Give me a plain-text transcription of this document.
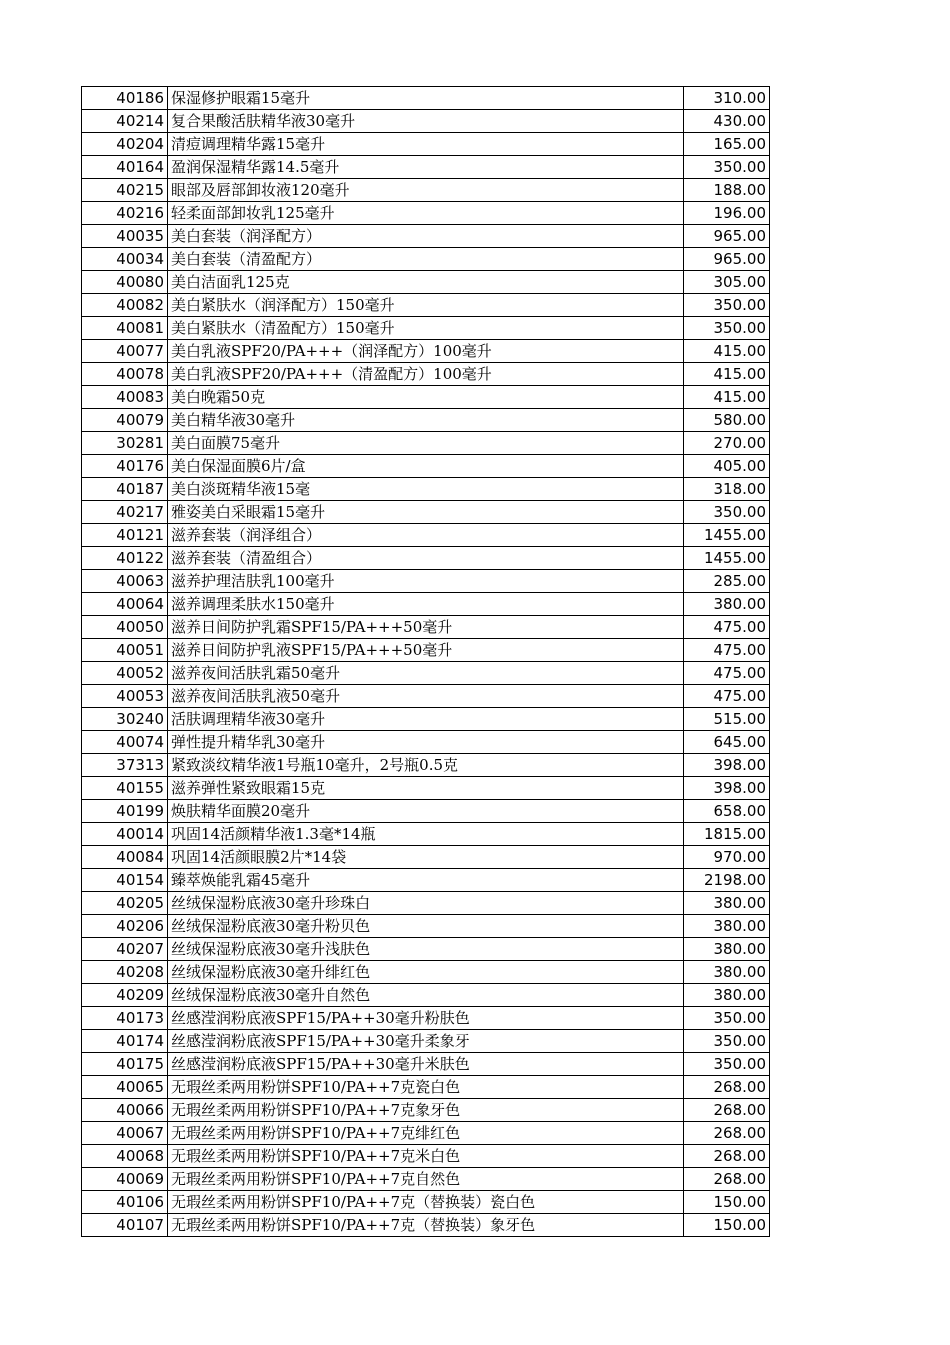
40186	保湿修护眼霜15毫升	310.00
40214	复合果酸活肤精华液30毫升	430.00
40204	清痘调理精华露15毫升	165.00
40164	盈润保湿精华露14.5毫升	350.00
40215	眼部及唇部卸妆液120毫升	188.00
40216	轻柔面部卸妆乳125毫升	196.00
40035	美白套装（润泽配方）	965.00
40034	美白套装（清盈配方）	965.00
40080	美白洁面乳125克	305.00
40082	美白紧肤水（润泽配方）150毫升	350.00
40081	美白紧肤水（清盈配方）150毫升	350.00
40077	美白乳液SPF20/PA+++（润泽配方）100毫升	415.00
40078	美白乳液SPF20/PA+++（清盈配方）100毫升	415.00
40083	美白晚霜50克	415.00
40079	美白精华液30毫升	580.00
30281	美白面膜75毫升	270.00
40176	美白保湿面膜6片/盒	405.00
40187	美白淡斑精华液15毫	318.00
40217	雅姿美白采眼霜15毫升	350.00
40121	滋养套装（润泽组合）	1455.00
40122	滋养套装（清盈组合）	1455.00
40063	滋养护理洁肤乳100毫升	285.00
40064	滋养调理柔肤水150毫升	380.00
40050	滋养日间防护乳霜SPF15/PA+++50毫升	475.00
40051	滋养日间防护乳液SPF15/PA+++50毫升	475.00
40052	滋养夜间活肤乳霜50毫升	475.00
40053	滋养夜间活肤乳液50毫升	475.00
30240	活肤调理精华液30毫升	515.00
40074	弹性提升精华乳30毫升	645.00
37313	紧致淡纹精华液1号瓶10毫升，2号瓶0.5克	398.00
40155	滋养弹性紧致眼霜15克	398.00
40199	焕肤精华面膜20毫升	658.00
40014	巩固14活颜精华液1.3毫*14瓶	1815.00
40084	巩固14活颜眼膜2片*14袋	970.00
40154	臻萃焕能乳霜45毫升	2198.00
40205	丝绒保湿粉底液30毫升珍珠白	380.00
40206	丝绒保湿粉底液30毫升粉贝色	380.00
40207	丝绒保湿粉底液30毫升浅肤色	380.00
40208	丝绒保湿粉底液30毫升绯红色	380.00
40209	丝绒保湿粉底液30毫升自然色	380.00
40173	丝感滢润粉底液SPF15/PA++30毫升粉肤色	350.00
40174	丝感滢润粉底液SPF15/PA++30毫升柔象牙	350.00
40175	丝感滢润粉底液SPF15/PA++30毫升米肤色	350.00
40065	无瑕丝柔两用粉饼SPF10/PA++7克瓷白色	268.00
40066	无瑕丝柔两用粉饼SPF10/PA++7克象牙色	268.00
40067	无瑕丝柔两用粉饼SPF10/PA++7克绯红色	268.00
40068	无瑕丝柔两用粉饼SPF10/PA++7克米白色	268.00
40069	无瑕丝柔两用粉饼SPF10/PA++7克自然色	268.00
40106	无瑕丝柔两用粉饼SPF10/PA++7克（替换装）瓷白色	150.00
40107	无瑕丝柔两用粉饼SPF10/PA++7克（替换装）象牙色	150.00
